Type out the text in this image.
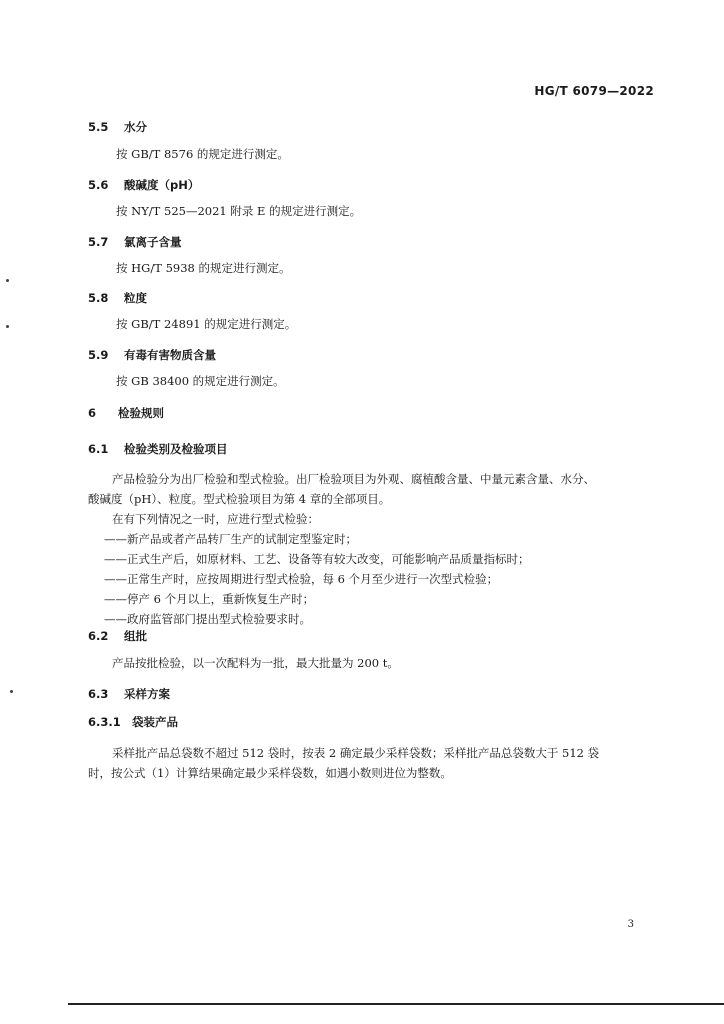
HG/T 6079—2022
5.5 水分
按 GB/T 8576 的规定进行测定。
5.6 酸碱度（pH）
按 NY/T 525—2021 附录 E 的规定进行测定。
5.7 氯离子含量
按 HG/T 5938 的规定进行测定。
5.8 粒度
按 GB/T 24891 的规定进行测定。
5.9 有毒有害物质含量
按 GB 38400 的规定进行测定。
6 检验规则
6.1 检验类别及检验项目
产品检验分为出厂检验和型式检验。出厂检验项目为外观、腐植酸含量、中量元素含量、水分、
酸碱度（pH）、粒度。型式检验项目为第 4 章的全部项目。
在有下列情况之一时，应进行型式检验：
——新产品或者产品转厂生产的试制定型鉴定时；
——正式生产后，如原材料、工艺、设备等有较大改变，可能影响产品质量指标时；
——正常生产时，应按周期进行型式检验，每 6 个月至少进行一次型式检验；
——停产 6 个月以上，重新恢复生产时；
——政府监管部门提出型式检验要求时。
6.2 组批
产品按批检验，以一次配料为一批，最大批量为 200 t。
6.3 采样方案
6.3.1 袋装产品
采样批产品总袋数不超过 512 袋时，按表 2 确定最少采样袋数；采样批产品总袋数大于 512 袋
时，按公式（1）计算结果确定最少采样袋数，如遇小数则进位为整数。
3
